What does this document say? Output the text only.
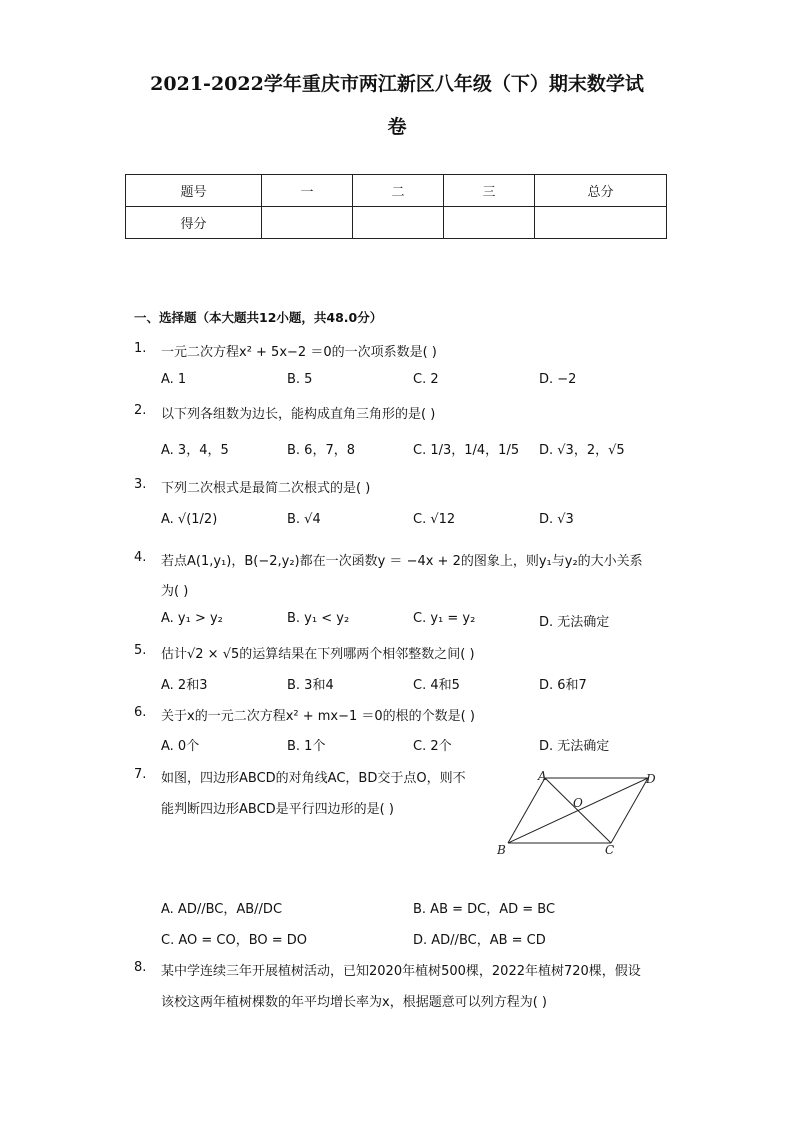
2021-2022学年重庆市两江新区八年级（下）期末数学试
卷
题号	一	二	三	总分
得分				
一、选择题（本大题共12小题，共48.0分）
1. 一元二次方程x² + 5x−2 ＝0的一次项系数是( )
A. 1	B. 5	C. 2	D. −2
2. 以下列各组数为边长，能构成直角三角形的是( )
A. 3，4，5	B. 6，7，8	C. 1/3，1/4，1/5 D. √3，2，√5
3. 下列二次根式是最简二次根式的是( )
A. √(1/2)	B. √4	C. √12	D. √3
4. 若点A(1,y₁)，B(−2,y₂)都在一次函数y ＝ −4x + 2的图象上，则y₁与y₂的大小关系
为( )
A. y₁ > y₂	B. y₁ < y₂	C. y₁ = y₂	D. 无法确定
5. 估计√2 × √5的运算结果在下列哪两个相邻整数之间( )
A. 2和3	B. 3和4	C. 4和5	D. 6和7
6. 关于x的一元二次方程x² + mx−1 ＝0的根的个数是( )
A. 0个	B. 1个	C. 2个	D. 无法确定
7. 如图，四边形ABCD的对角线AC，BD交于点O，则不
能判断四边形ABCD是平行四边形的是( )
A	D
O
B	C
A. AD//BC，AB//DC	B. AB = DC，AD = BC
C. AO = CO，BO = DO	D. AD//BC，AB = CD
8. 某中学连续三年开展植树活动，已知2020年植树500棵，2022年植树720棵，假设
该校这两年植树棵数的年平均增长率为x，根据题意可以列方程为( )
